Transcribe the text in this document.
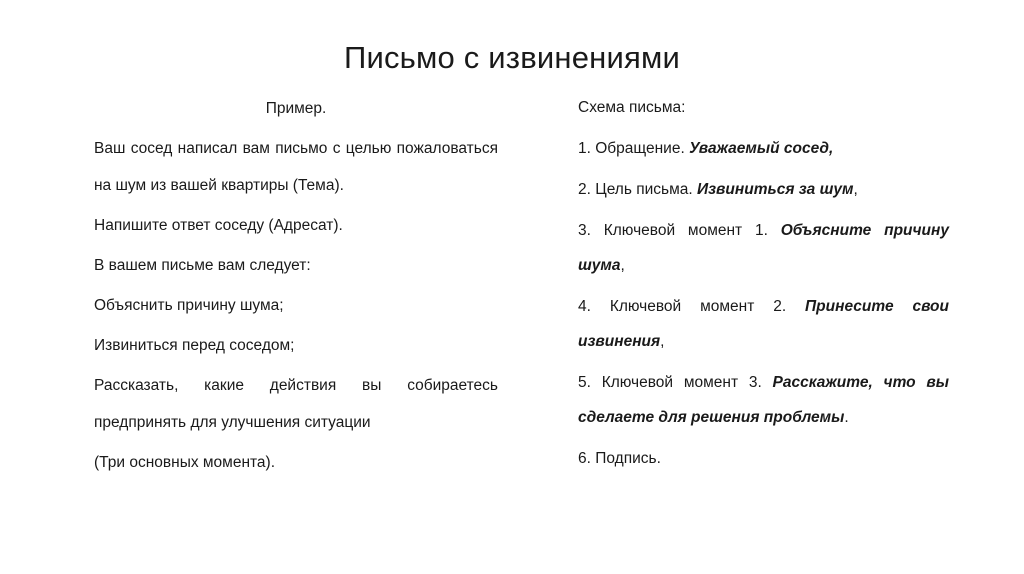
Письмо с извинениями

Пример.

Ваш сосед написал вам письмо с целью пожаловаться на шум из вашей квартиры (Тема).

Напишите ответ соседу (Адресат).

В вашем письме вам следует:

Объяснить причину шума;

Извиниться перед соседом;

Рассказать, какие действия вы собираетесь предпринять для улучшения ситуации

(Три основных момента).

Схема письма:

1. Обращение. Уважаемый сосед,

2. Цель письма. Извиниться за шум,

3. Ключевой момент 1. Объясните причину шума,

4. Ключевой момент 2. Принесите свои извинения,

5. Ключевой момент 3. Расскажите, что вы сделаете для решения проблемы.

6. Подпись.
